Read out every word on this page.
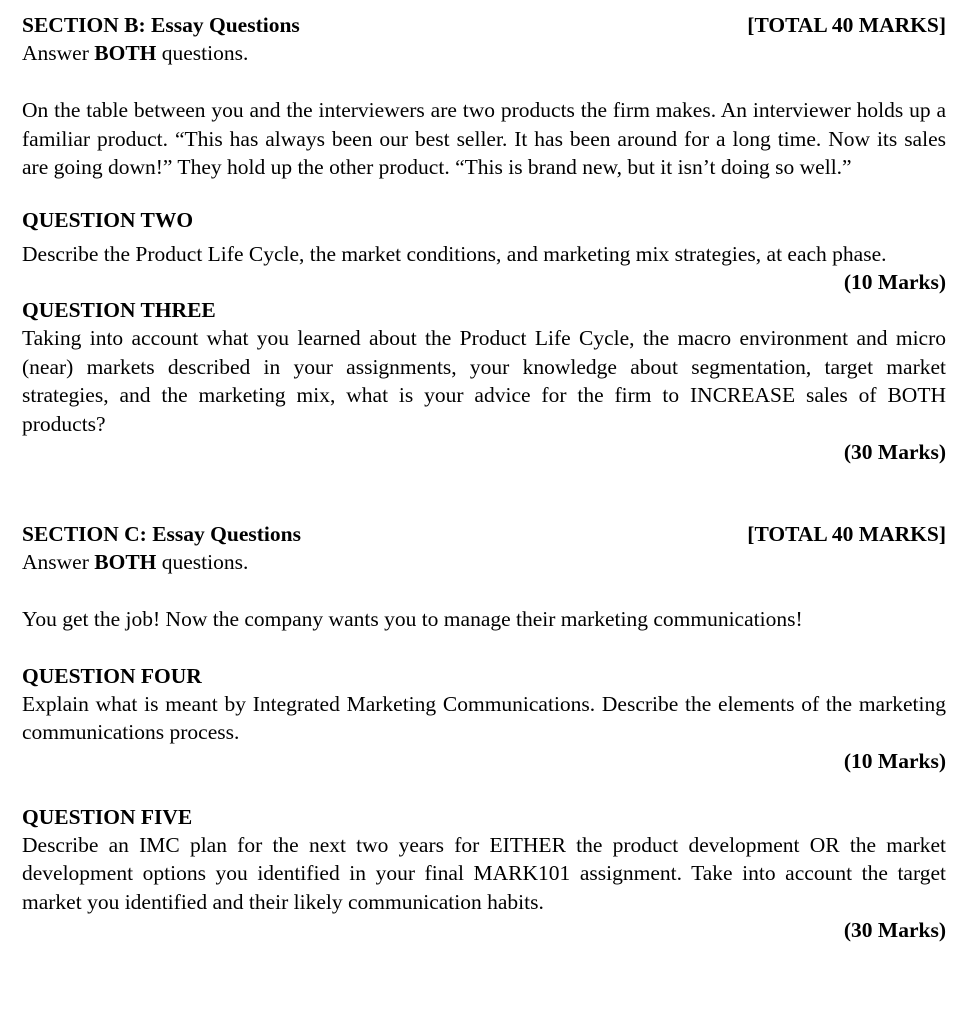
SECTION B: Essay Questions	[TOTAL 40 MARKS]
Answer BOTH questions.
On the table between you and the interviewers are two products the firm makes. An interviewer holds up a familiar product. “This has always been our best seller. It has been around for a long time. Now its sales are going down!” They hold up the other product. “This is brand new, but it isn’t doing so well.”
QUESTION TWO
Describe the Product Life Cycle, the market conditions, and marketing mix strategies, at each phase.
(10 Marks)
QUESTION THREE
Taking into account what you learned about the Product Life Cycle, the macro environment and micro (near) markets described in your assignments, your knowledge about segmentation, target market strategies, and the marketing mix, what is your advice for the firm to INCREASE sales of BOTH products?
(30 Marks)
SECTION C: Essay Questions	[TOTAL 40 MARKS]
Answer BOTH questions.
You get the job! Now the company wants you to manage their marketing communications!
QUESTION FOUR
Explain what is meant by Integrated Marketing Communications. Describe the elements of the marketing communications process.
(10 Marks)
QUESTION FIVE
Describe an IMC plan for the next two years for EITHER the product development OR the market development options you identified in your final MARK101 assignment. Take into account the target market you identified and their likely communication habits.
(30 Marks)
